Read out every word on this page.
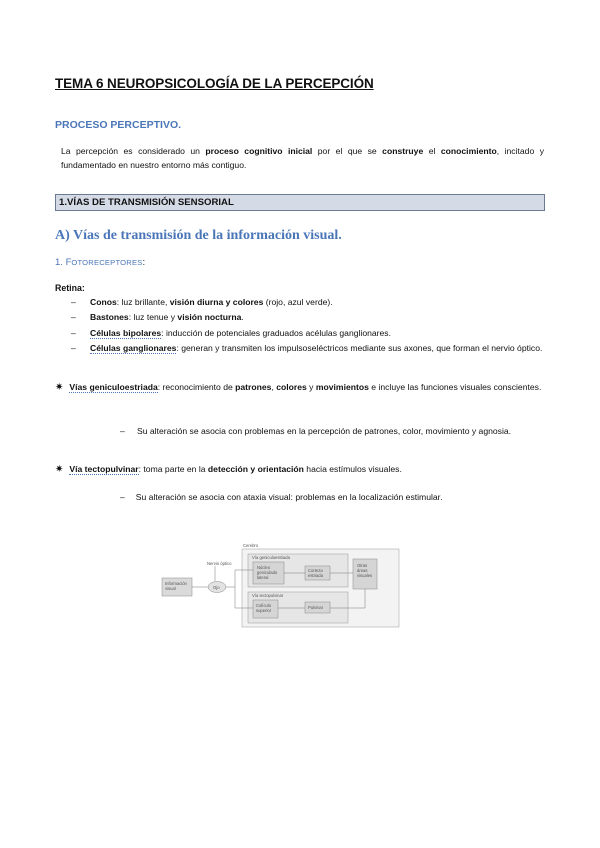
TEMA 6 NEUROPSICOLOGÍA DE LA PERCEPCIÓN
PROCESO PERCEPTIVO.
La percepción es considerado un proceso cognitivo inicial por el que se construye el conocimiento, incitado y fundamentado en nuestro entorno más contiguo.
1.VÍAS DE TRANSMISIÓN SENSORIAL
A) Vías de transmisión de la información visual.
1. FOTORECEPTORES:
Retina:
– Conos: luz brillante, visión diurna y colores (rojo, azul verde).
– Bastones: luz tenue y visión nocturna.
– Células bipolares: inducción de potenciales graduados acélulas ganglionares.
– Células ganglionares: generan y transmiten los impulsoseléctricos mediante sus axones, que forman el nervio óptico.
✷ Vías geniculoestriada: reconocimiento de patrones, colores y movimientos e incluye las funciones visuales conscientes.
–	Su alteración se asocia con problemas en la percepción de patrones, color, movimiento y agnosia.
✷ Vía tectopulvinar: toma parte en la detección y orientación hacia estímulos visuales.
– Su alteración se asocia con ataxia visual: problemas en la localización estimular.
Cerebro
Vía geniculoestriada
Núcleo
geniculado
lateral
Corteza
estriada
Vía tectopulvinar
Colículo
superior
Pulvinar
Otras
áreas
visuales
Información
visual	Ojo
Nervio óptico
